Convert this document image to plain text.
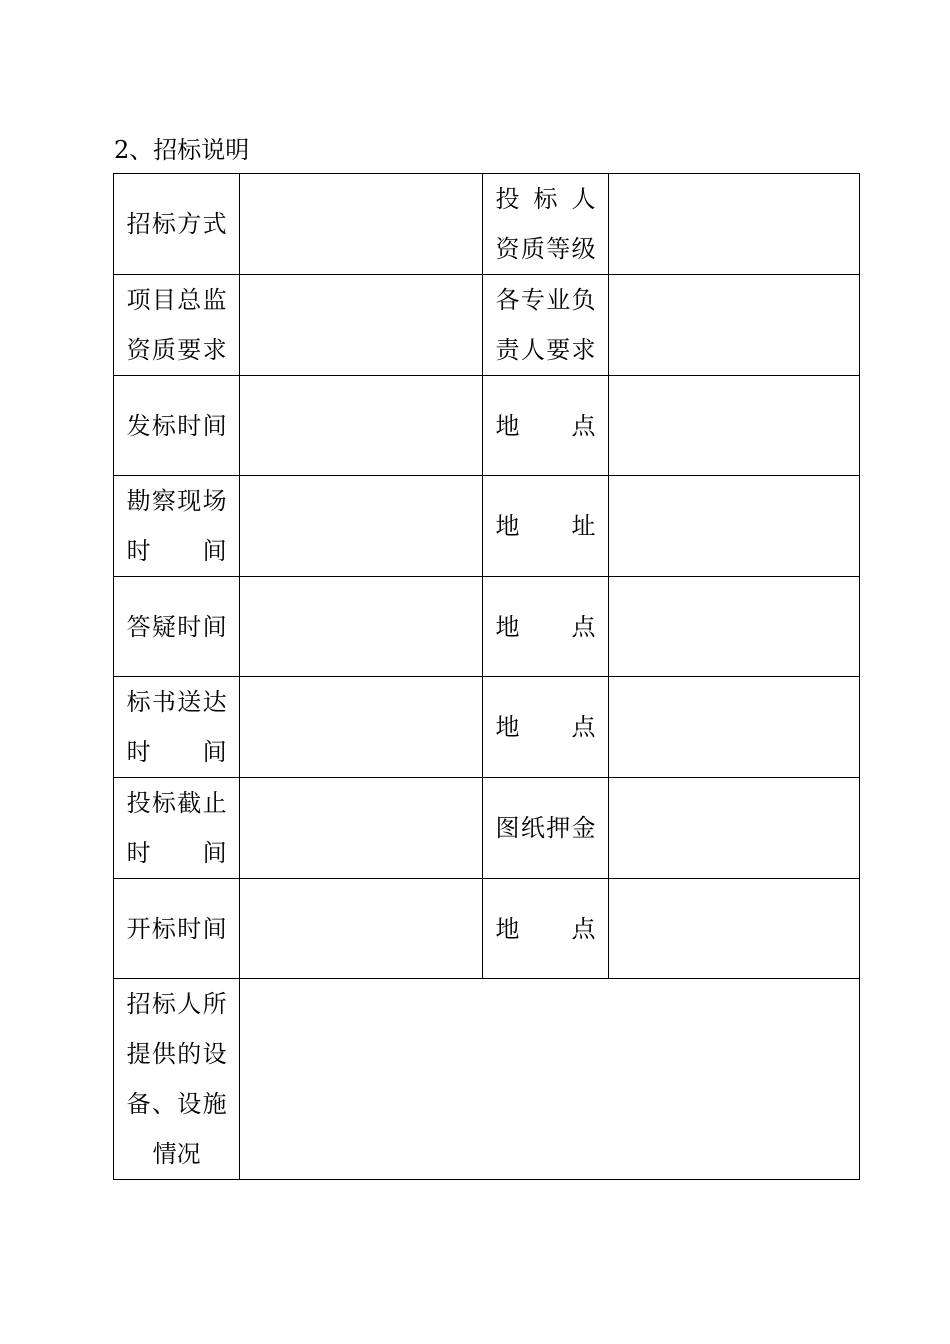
2、招标说明
招标方式		投 标 人
资质等级	

项目总监
资质要求		各专业负
责人要求	

发标时间		地　　点	

勘察现场
时　　间		地　　址	

答疑时间		地　　点	

标书送达
时　　间		地　　点	

投标截止
时　　间		图纸押金	

开标时间		地　　点	

招标人所
提供的设
备、设施
情况			
